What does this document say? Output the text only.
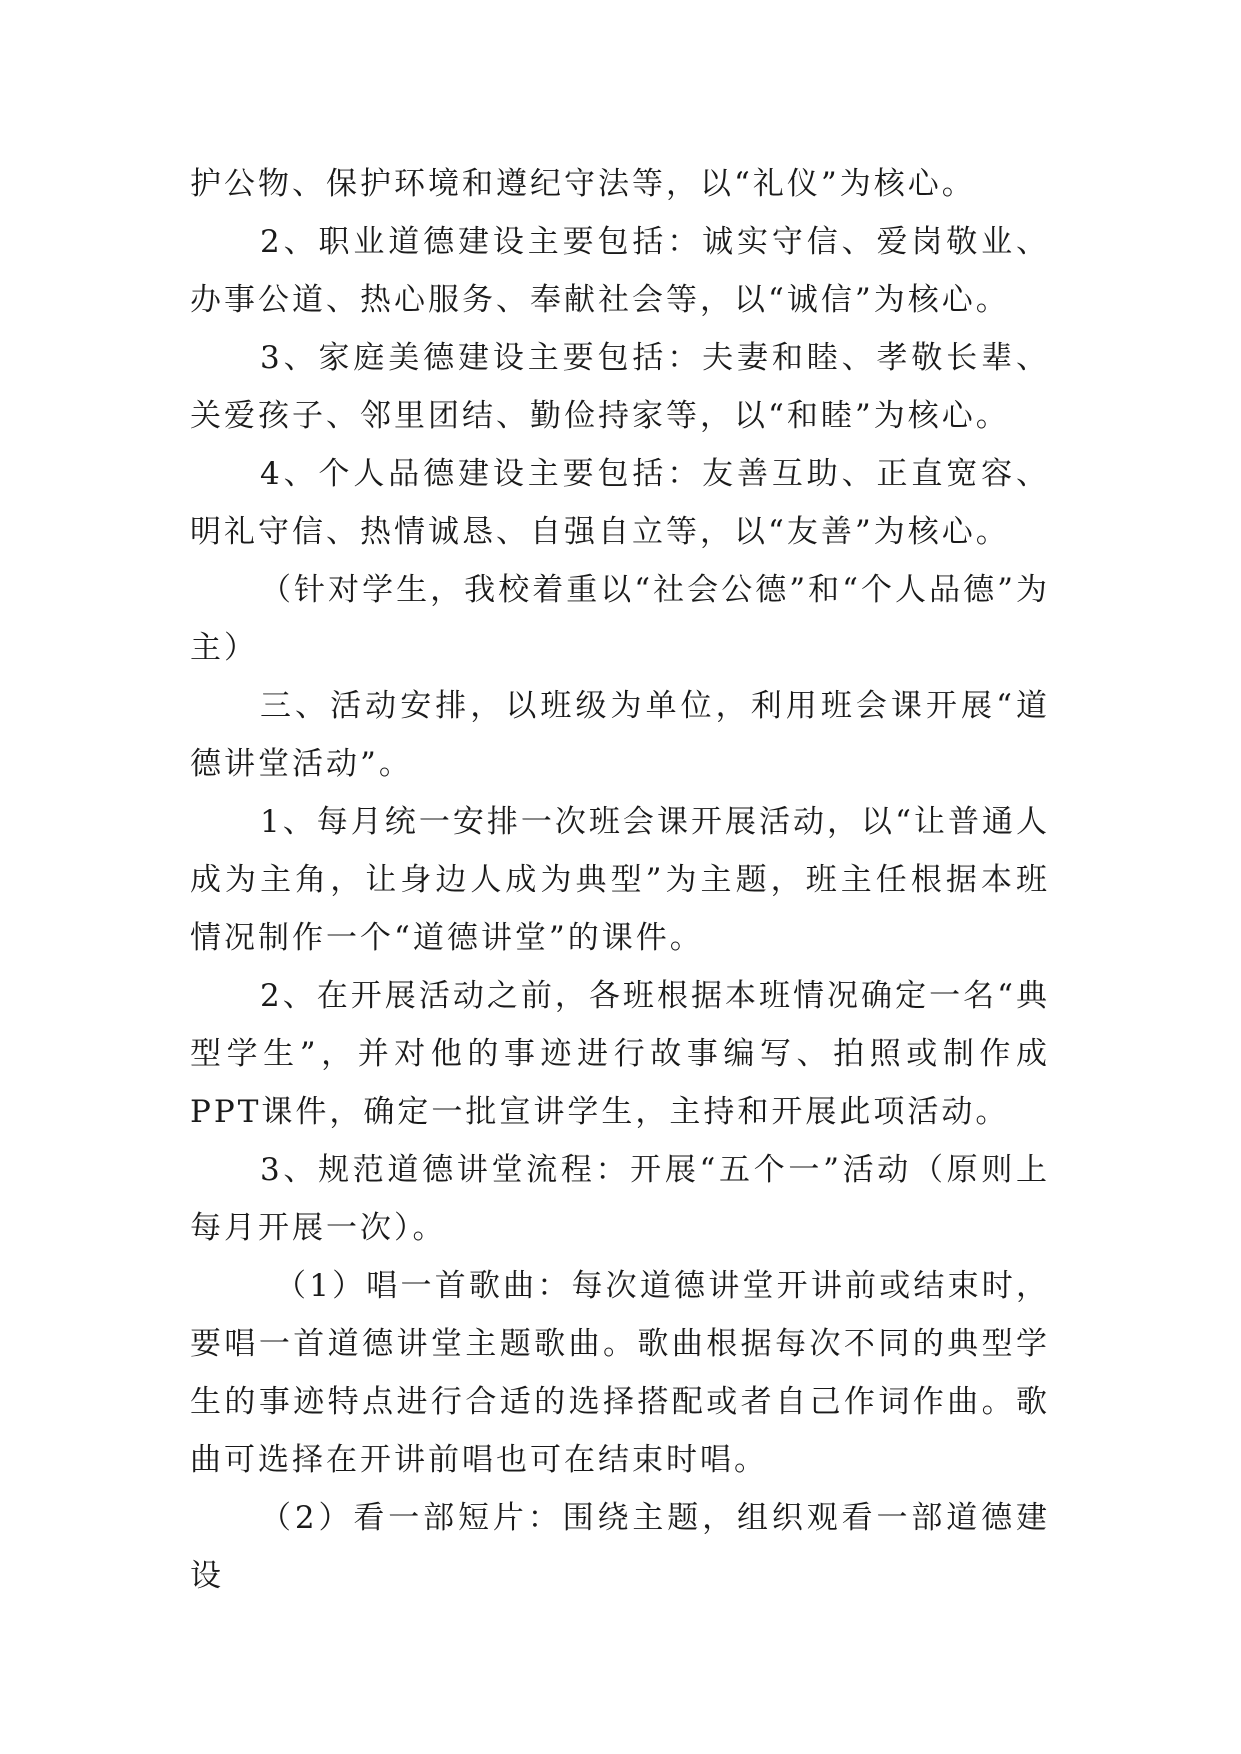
护公物、保护环境和遵纪守法等，以“礼仪”为核心。

2、职业道德建设主要包括：诚实守信、爱岗敬业、办事公道、热心服务、奉献社会等，以“诚信”为核心。

3、家庭美德建设主要包括：夫妻和睦、孝敬长辈、关爱孩子、邻里团结、勤俭持家等，以“和睦”为核心。

4、个人品德建设主要包括：友善互助、正直宽容、明礼守信、热情诚恳、自强自立等，以“友善”为核心。

（针对学生，我校着重以“社会公德”和“个人品德”为主）

三、活动安排，以班级为单位，利用班会课开展“道德讲堂活动”。

1、每月统一安排一次班会课开展活动，以“让普通人成为主角，让身边人成为典型”为主题，班主任根据本班情况制作一个“道德讲堂”的课件。

2、在开展活动之前，各班根据本班情况确定一名“典型学生”，并对他的事迹进行故事编写、拍照或制作成PPT课件，确定一批宣讲学生，主持和开展此项活动。

3、规范道德讲堂流程：开展“五个一”活动（原则上每月开展一次）。

（1）唱一首歌曲：每次道德讲堂开讲前或结束时，要唱一首道德讲堂主题歌曲。歌曲根据每次不同的典型学生的事迹特点进行合适的选择搭配或者自己作词作曲。歌曲可选择在开讲前唱也可在结束时唱。

（2）看一部短片：围绕主题，组织观看一部道德建设
